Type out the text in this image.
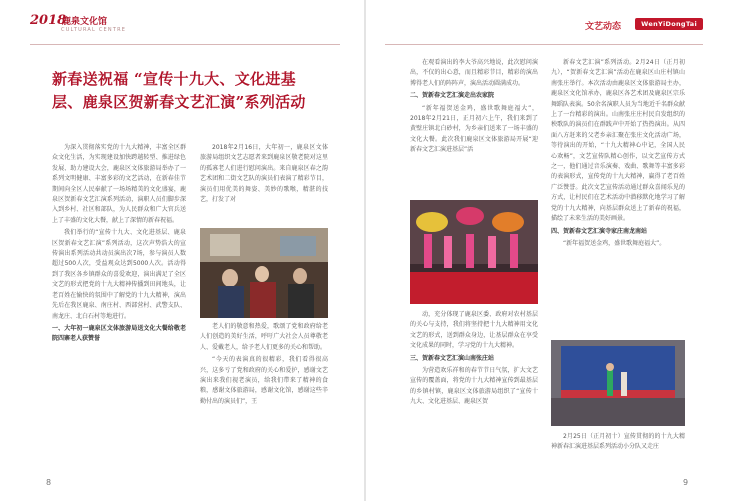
2018
鹿泉文化馆
CULTURAL CENTRE
新春送祝福 “宣传十九大、文化进基
层、鹿泉区贺新春文艺汇演”系列活动

为深入贯彻落实党的十九大精神，丰富全区群众文化生活，为实现建设加快跨越转型、推进绿色发展、助力建设大会，鹿泉区文体旅游局举办了一系列文明健康、丰富多彩的文艺活动，在新春佳节期间向全区人民奉献了一场场精美的文化盛宴，鹿泉区贺新春文艺汇演系列活动，演职人员们脚步深入到乡村、社区和部队，为人民群众和广大官兵送上了丰盛的文化大餐，献上了深情的新春祝福。

我们举行的“宣传十九大、文化进基层、鹿泉区贺新春文艺汇演”系列活动，这次声势浩大的宣传演出系列活动共动员演出次7场，参与演员人数超过500人次，受益观众达到5000人次。活动得到了我区各乡镇群众的喜爱欢迎，演出满足了全区文艺的形式把党的十九大精神传播到田间地头，让老百姓在愉快的氛围中了解党的十九大精神，演出先后在我区鹿泉、南庄村、西部营村、武警支队、南龙庄、北白石村等地进行。

一、大年初一鹿泉区文体旅游局送文化大餐给敬老院四寨老人获赞誉

2018年2月16日，大年初一，鹿泉区文体旅游局组织文艺志愿者来到鹿泉区敬老院对这里的孤寡老人们进行慰问演出。来自鹿泉区春之韵艺术团和二街文艺队的演员们表演了精彩节目，演员们用优美的舞姿、美妙的歌喉，精湛的技艺，打发了对

老人们的敬意和热爱，歌颂了党和政府给老人们创造的美好生活，呼吁广大社会人员尊敬老人、爱戴老人，给予老人们更多的关心和帮助。

“今天的表演真的很精彩，我们看得很高兴，这多亏了党和政府的关心和爱护，感谢文艺演出来我们视老演员，给我们带来了精神的食粮，感谢文体旅游局，感谢文化馆，感谢这些辛勤付出的演员们”，王

8
文艺动态	WenYiDongTai

在观看演出的李大爷高兴地说，此次慰问演出，不仅的出心意，而且精彩节目，精彩的演出博得老人们的阵阵声，演出活动圆满成功。

二、贺新春文艺汇演走出农家院

“新年福贺送金鸡，盛世歌舞庭福大”，2018年2月21日，正月初六上午，我们来到了黄壁庄镇北白砂村，为乡亲们送来了一场丰盛的文化大餐。此次我们鹿泉区文体旅游局开展“迎新春文艺汇演进基层”活

动，充分体现了鹿泉区委、政府对农村基层的关心与支持，我们将坚持把十九大精神用文化文艺的形式，送到群众身边，让基层群众在享受文化成果的同时，学习党的十九大精神。

三、贺新春文艺汇演山南张庄站

为营造欢乐祥和的春节节日气氛，扩大文艺宣传的覆盖面，将党的十九大精神宣传到最基层的乡镇村镇，鹿泉区文体旅游局组织了“宣传十九大、文化进基层、鹿泉区贺

新春文艺汇演”系列活动。2月24日（正月初九），“贺新春文艺汇演”活动在鹿泉区山庄村镇山南张庄举行。本次活动由鹿泉区文体旅游局主办，鹿泉区文化馆承办，鹿泉区各艺术团及鹿泉区宗乐舞蹈队表演。50余名演职人员为当地近千名群众献上了一台精彩的演出。山南张庄庄村民自发组织的秧歌队的演员们在群践声中开始了热热演出。从四面八方赶来的父老乡亲汇聚在张庄文化活动广场，等待演出的开始，“十九大精神心中记，全国人民心欢畅”，文艺宣传队精心创作，以文艺宣传方式之一，他们通过音乐演奏、戏曲、歌舞等丰富多彩的表演形式，宣传党的十九大精神，赢得了老百姓广泛赞誉。此次文艺宣传活动通过群众喜闻乐见的方式，让村民们在艺术活动中潜移默化地学习了解党的十九大精神，向基层群众送上了新春的祝福，描绘了未来生活的美好画景。

四、贺新春文艺汇演寺家庄南龙南站

“新年福贺送金鸡，盛世歌舞庭福大”。

2月25日（正月初十）宣传贯彻的的十九大精神新春汇演进基层系列活动小分队又走庄

9
